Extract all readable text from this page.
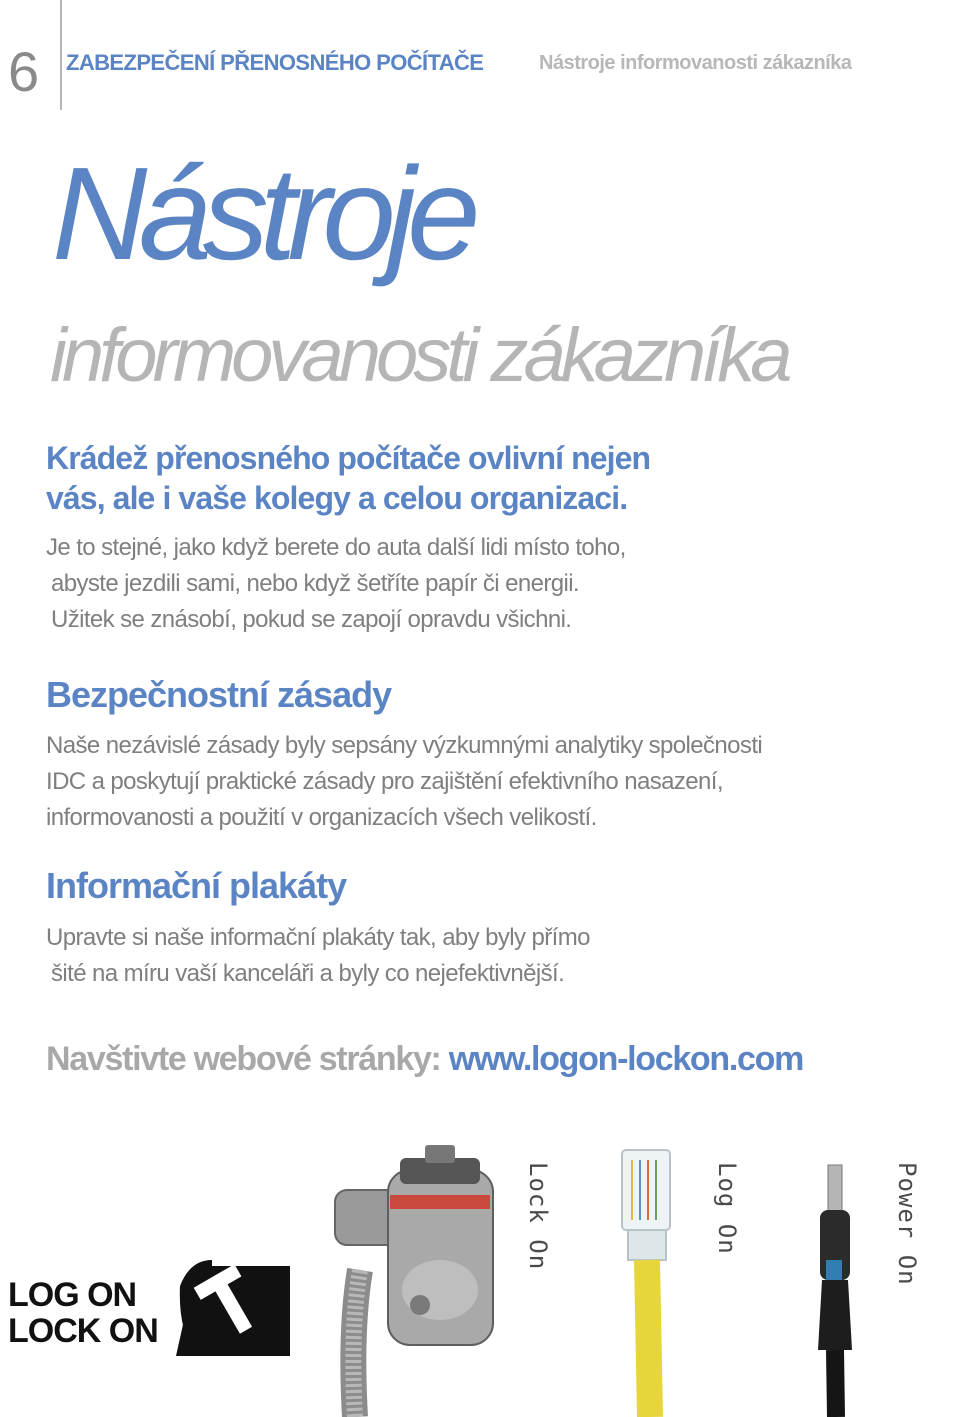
6 ZABEZPEČENÍ PŘENOSNÉHO POČÍTAČE	Nástroje informovanosti zákazníka
Nástroje
informovanosti zákazníka
Krádež přenosného počítače ovlivní nejen
vás, ale i vaše kolegy a celou organizaci.
Je to stejné, jako když berete do auta další lidi místo toho,
abyste jezdili sami, nebo když šetříte papír či energii.
Užitek se znásobí, pokud se zapojí opravdu všichni.
Bezpečnostní zásady
Naše nezávislé zásady byly sepsány výzkumnými analytiky společnosti
IDC a poskytují praktické zásady pro zajištění efektivního nasazení,
informovanosti a použití v organizacích všech velikostí.
Informační plakáty
Upravte si naše informační plakáty tak, aby byly přímo
šité na míru vaší kanceláři a byly co nejefektivnější.
Navštivte webové stránky: www.logon-lockon.com
Lock On	Log On	Power On
LOG ON
LOCK ON
